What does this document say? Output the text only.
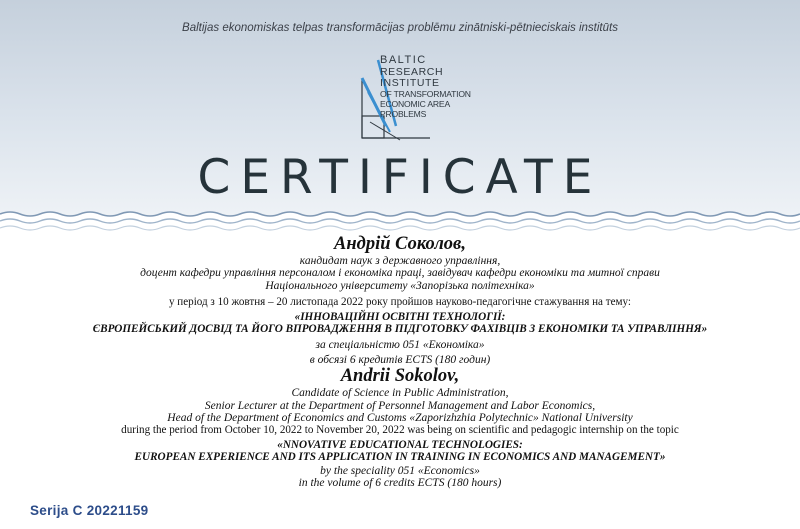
Baltijas ekonomiskas telpas transformācijas problēmu zinātniski-pētnieciskais institūts
BALTIC
RESEARCH
INSTITUTE
OF TRANSFORMATION
ECONOMIC AREA
PROBLEMS
CERTIFICATE
Андрій Соколов,
кандидат наук з державного управління,
доцент кафедри управління персоналом і економіка праці, завідувач кафедри економіки та митної справи
Національного університету «Запорізька політехніка»
у період з 10 жовтня – 20 листопада 2022 року пройшов науково-педагогічне стажування на тему:
«ІННОВАЦІЙНІ ОСВІТНІ ТЕХНОЛОГІЇ:
ЄВРОПЕЙСЬКИЙ ДОСВІД ТА ЙОГО ВПРОВАДЖЕННЯ В ПІДГОТОВКУ ФАХІВЦІВ З ЕКОНОМІКИ ТА УПРАВЛІННЯ»
за спеціальністю 051 «Економіка»
в обсязі 6 кредитів ECTS (180 годин)
Andrii Sokolov,
Candidate of Science in Public Administration,
Senior Lecturer at the Department of Personnel Management and Labor Economics,
Head of the Department of Economics and Customs «Zaporizhzhia Polytechnic» National University
during the period from October 10, 2022 to November 20, 2022 was being on scientific and pedagogic internship on the topic
«NNOVATIVE EDUCATIONAL TECHNOLOGIES:
EUROPEAN EXPERIENCE AND ITS APPLICATION IN TRAINING IN ECONOMICS AND MANAGEMENT»
by the speciality 051 «Economics»
in the volume of 6 credits ECTS (180 hours)
Serija C 20221159
